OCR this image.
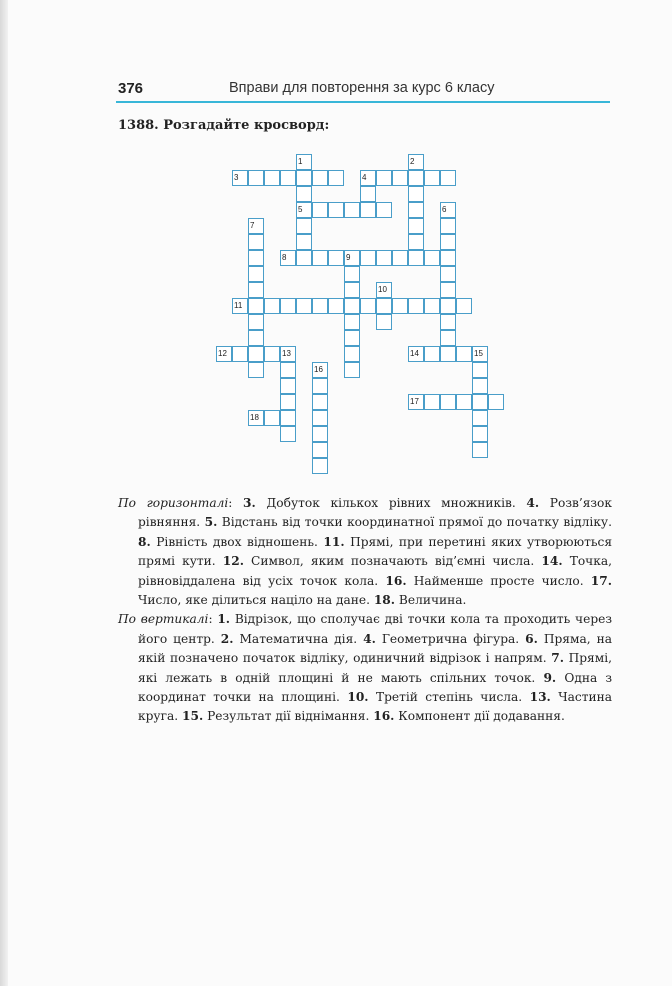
376	Вправи для повторення за курс 6 класу
1388. Розгадайте кросворд:
1	2
3	4
5	6
7
8	9
10
11
12	13	14	15
16
17
18

По горизонталі: 3. Добуток кількох рівних множників. 4. Розв’язок рівняння. 5. Відстань від точки координатної прямої до початку відліку. 8. Рівність двох відношень. 11. Прямі, при перетині яких утворюються прямі кути. 12. Символ, яким позначають від’ємні числа. 14. Точка, рівновіддалена від усіх точок кола. 16. Найменше просте число. 17. Число, яке ділиться націло на дане. 18. Величина.

По вертикалі: 1. Відрізок, що сполучає дві точки кола та проходить через його центр. 2. Математична дія. 4. Геометрична фігура. 6. Пряма, на якій позначено початок відліку, одиничний відрізок і напрям. 7. Прямі, які лежать в одній площині й не мають спільних точок. 9. Одна з координат точки на площині. 10. Третій степінь числа. 13. Частина круга. 15. Результат дії віднімання. 16. Компонент дії додавання.
